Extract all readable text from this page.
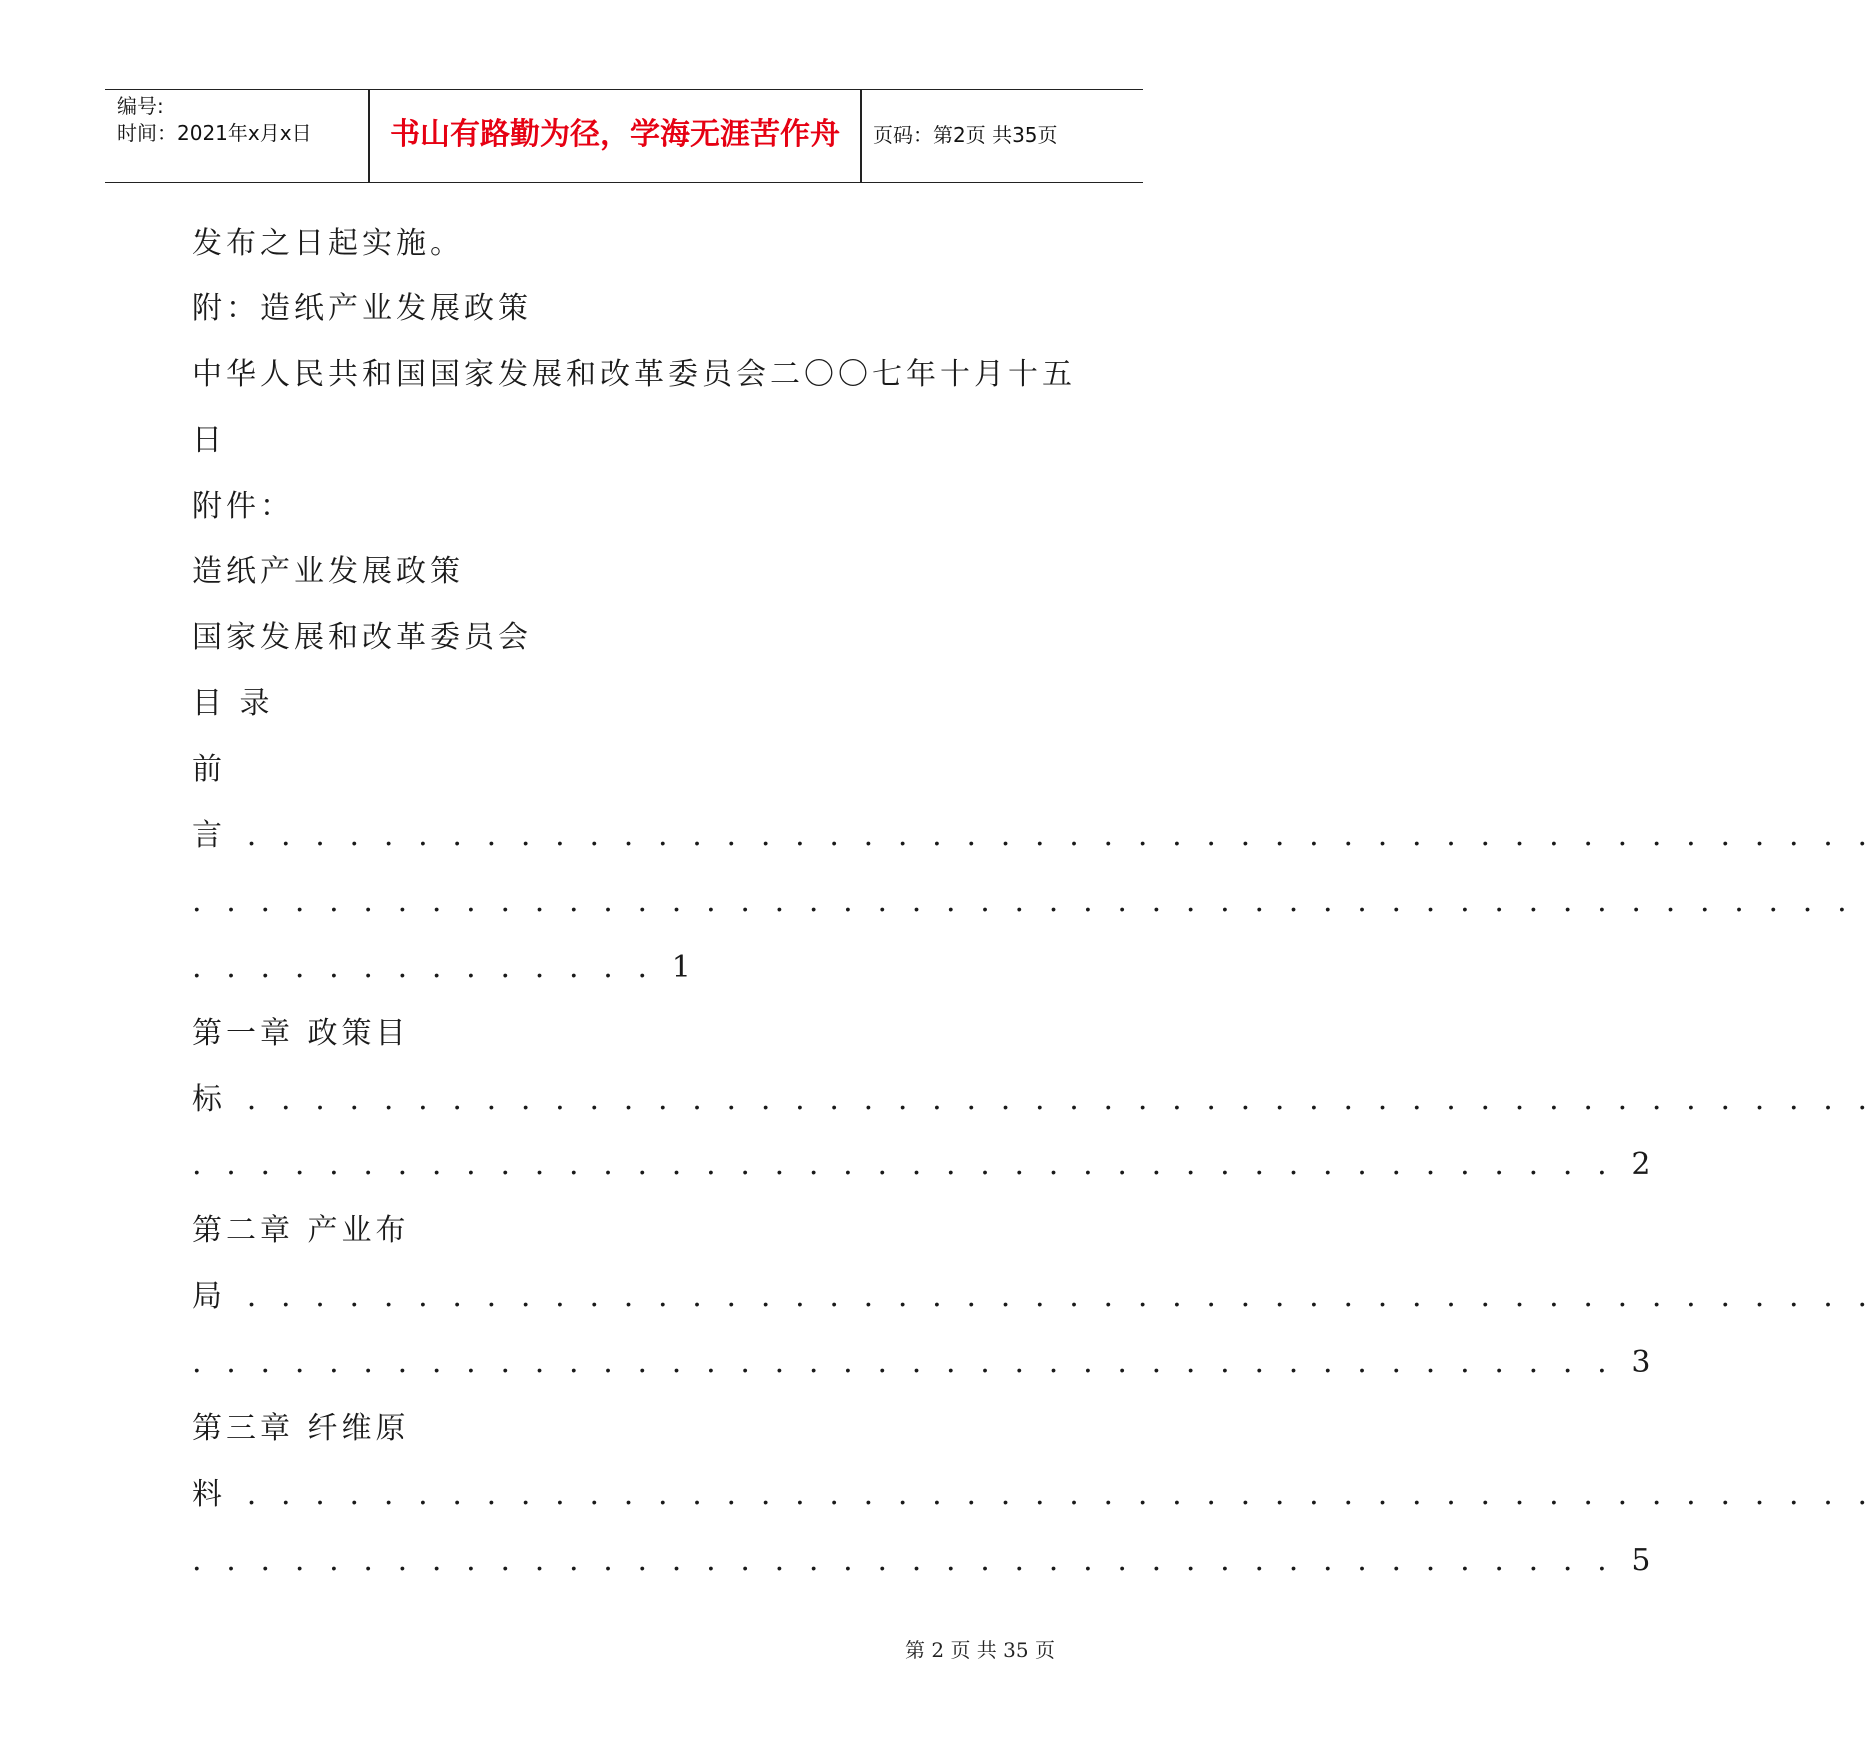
编号:
时间：2021年x月x日	书山有路勤为径，学海无涯苦作舟	页码：第2页 共35页
发布之日起实施。
附：造纸产业发展政策
中华人民共和国国家发展和改革委员会二〇〇七年十月十五
日
附件：
造纸产业发展政策
国家发展和改革委员会
目 录
前
言 . . . . . . . . . . . . . . . . . . . . . . . . . . . . . . . . . . . . . . . . . . . . . . . .
. . . . . . . . . . . . . . . . . . . . . . . . . . . . . . . . . . . . . . . . . . . . . . . . .
. . . . . . . . . . . . . . 1
第一章 政策目
标 . . . . . . . . . . . . . . . . . . . . . . . . . . . . . . . . . . . . . . . . . . . . . . . .
. . . . . . . . . . . . . . . . . . . . . . . . . . . . . . . . . . . . . . . . . . 2
第二章 产业布
局 . . . . . . . . . . . . . . . . . . . . . . . . . . . . . . . . . . . . . . . . . . . . . . . .
. . . . . . . . . . . . . . . . . . . . . . . . . . . . . . . . . . . . . . . . . . 3
第三章 纤维原
料 . . . . . . . . . . . . . . . . . . . . . . . . . . . . . . . . . . . . . . . . . . . . . . . .
. . . . . . . . . . . . . . . . . . . . . . . . . . . . . . . . . . . . . . . . . . 5
第 2 页 共 35 页
